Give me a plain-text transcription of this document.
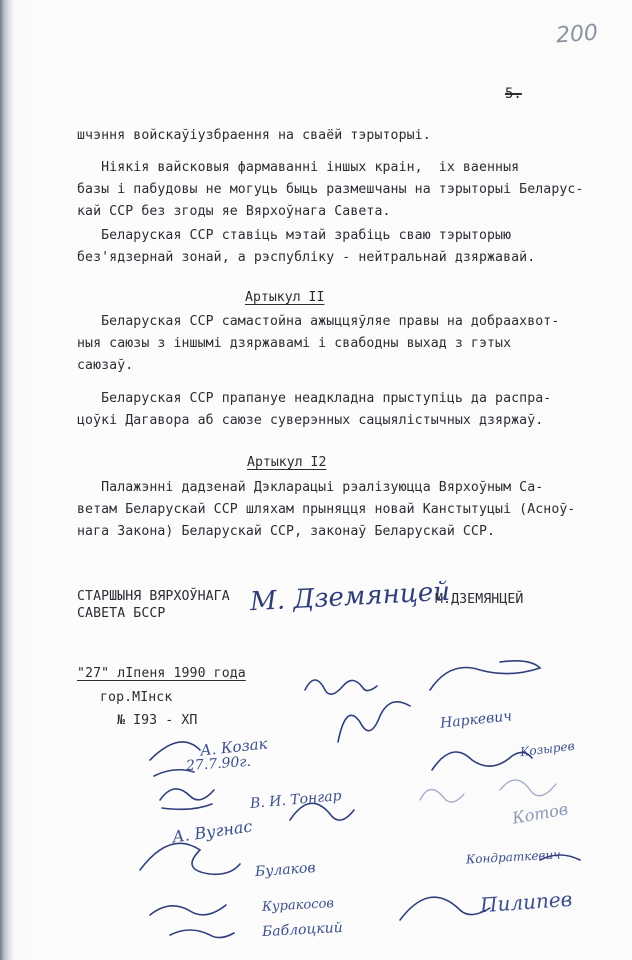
200
5.
шчэння войскаўіузбраення на сваёй тэрыторыі.
Ніякія вайсковыя фармаванні іншых краін,  іх ваенныя
базы і пабудовы не могуць быць размешчаны на тэрыторыі Беларус-
кай ССР без згоды яе Вярхоўнага Савета.
Беларуская ССР ставіць мэтай зрабіць сваю тэрыторыю
без'ядзернай зонай, а рэспубліку - нейтральнай дзяржавай.
Артыкул II
Беларуская ССР самастойна ажыццяўляе правы на добраахвот-
ныя саюзы з іншымі дзяржавамі і свабодны выхад з гэтых
саюзаў.
Беларуская ССР прапануе неадкладна прыступіць да распра-
цоўкі Дагавора аб саюзе суверэнных сацыялістычных дзяржаў.
Артыкул I2
Палажэнні дадзенай Дэкларацыі рэалізуюцца Вярхоўным Са-
ветам Беларускай ССР шляхам прыняцця новай Канстытуцыі (Асноў-
нага Закона) Беларускай ССР, законаў Беларускай ССР.
СТАРШЫНЯ ВЯРХОЎНАГА
САВЕТА БССР	М. Дземянцей
М.ДЗЕМЯНЦЕЙ
"27" лІпеня 1990 года
гор.МІнск
№ I93 - ХП
А. Козак
27.7.90г.
В. И. Тонгар
А. Вугнас
Булаков
Куракосов
Баблоцкий
Наркевич
Козырев
Котов
Кондраткевич
Пилипев
